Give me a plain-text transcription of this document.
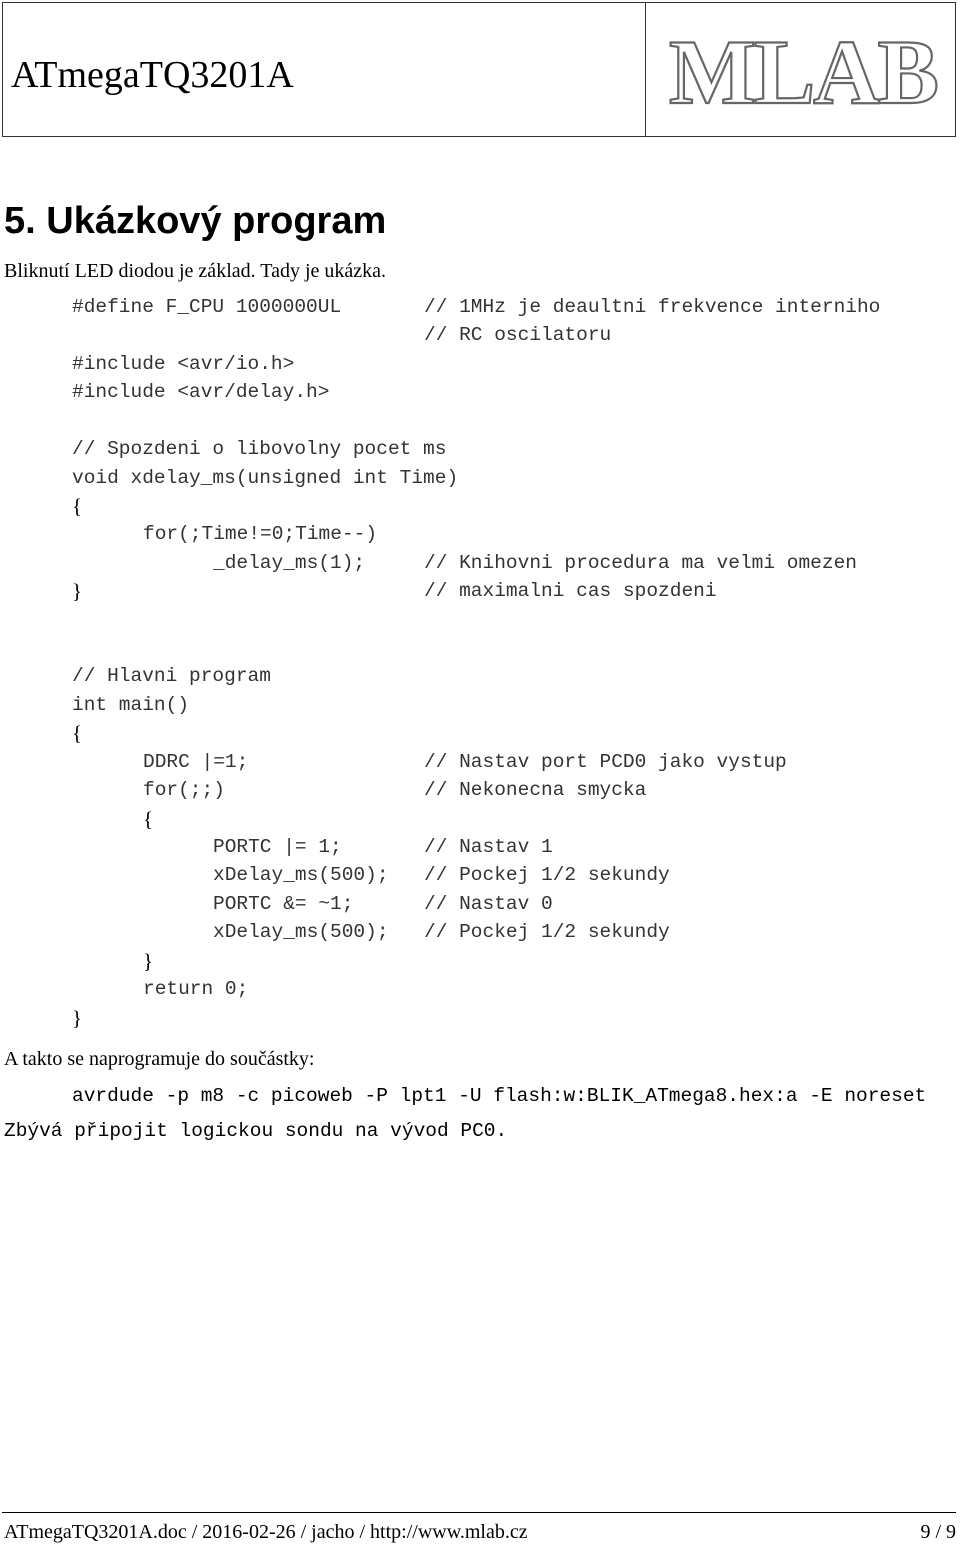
ATmegaTQ3201A	MLAB
5. Ukázkový program
Bliknutí LED diodou je základ. Tady je ukázka.
#define F_CPU 1000000UL	// 1MHz je deaultni frekvence interniho
// RC oscilatoru
#include <avr/io.h>
#include <avr/delay.h>
// Spozdeni o libovolny pocet ms
void xdelay_ms(unsigned int Time)
{
for(;Time!=0;Time--)
_delay_ms(1);	// Knihovni procedura ma velmi omezen
}	// maximalni cas spozdeni
// Hlavni program
int main()
{
DDRC |=1;	// Nastav port PCD0 jako vystup
for(;;)	// Nekonecna smycka
{
PORTC |= 1;	// Nastav 1
xDelay_ms(500); // Pockej 1/2 sekundy
PORTC &= ~1;	// Nastav 0
xDelay_ms(500); // Pockej 1/2 sekundy
}
return 0;
}
A takto se naprogramuje do součástky:
avrdude -p m8 -c picoweb -P lpt1 -U flash:w:BLIK_ATmega8.hex:a -E noreset
Zbývá připojit logickou sondu na vývod PC0.
ATmegaTQ3201A.doc / 2016-02-26 / jacho / http://www.mlab.cz	9 / 9
